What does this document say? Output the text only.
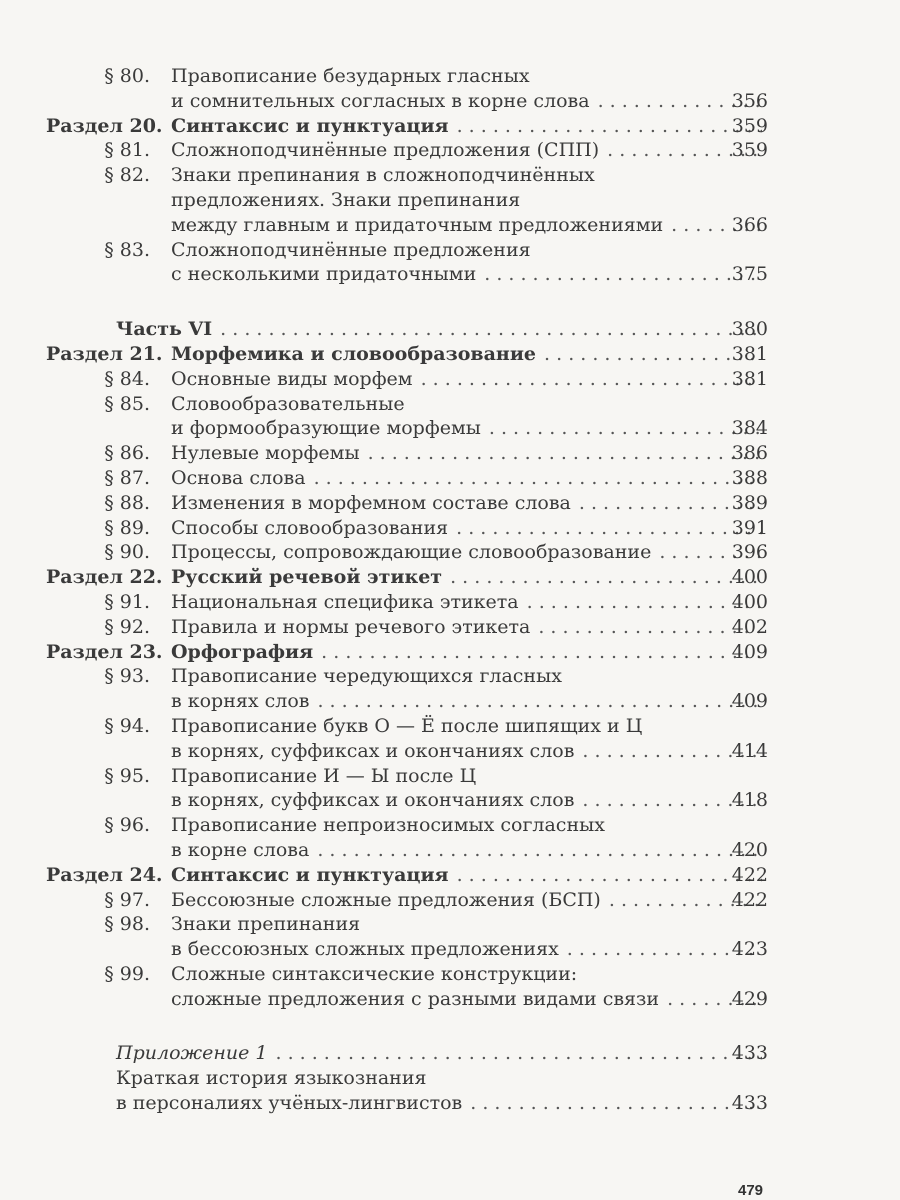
§ 80. Правописание безударных гласных
и сомнительных согласных в корне слова . . .	356
Раздел 20. Синтаксис и пунктуация . . .	359
§ 81. Сложноподчинённые предложения (СПП) . . .	359
§ 82. Знаки препинания в сложноподчинённых
предложениях. Знаки препинания
между главным и придаточным предложениями . . .	366
§ 83. Сложноподчинённые предложения
с несколькими придаточными . . .	375
Часть VI . . .	380
Раздел 21. Морфемика и словообразование . . .	381
§ 84. Основные виды морфем . . .	381
§ 85. Словообразовательные
и формообразующие морфемы . . .	384
§ 86. Нулевые морфемы . . .	386
§ 87. Основа слова . . .	388
§ 88. Изменения в морфемном составе слова . . .	389
§ 89. Способы словообразования . . .	391
§ 90. Процессы, сопровождающие словообразование . . .	396
Раздел 22. Русский речевой этикет . . .	400
§ 91. Национальная специфика этикета . . .	400
§ 92. Правила и нормы речевого этикета . . .	402
Раздел 23. Орфография . . .	409
§ 93. Правописание чередующихся гласных
в корнях слов . . .	409
§ 94. Правописание букв О — Ё после шипящих и Ц
в корнях, суффиксах и окончаниях слов . . .	414
§ 95. Правописание И — Ы после Ц
в корнях, суффиксах и окончаниях слов . . .	418
§ 96. Правописание непроизносимых согласных
в корне слова . . .	420
Раздел 24. Синтаксис и пунктуация . . .	422
§ 97. Бессоюзные сложные предложения (БСП) . . .	422
§ 98. Знаки препинания
в бессоюзных сложных предложениях . . .	423
§ 99. Сложные синтаксические конструкции:
сложные предложения с разными видами связи . . .	429
Приложение 1 . . .	433
Краткая история языкознания
в персоналиях учёных-лингвистов . . .	433
479
